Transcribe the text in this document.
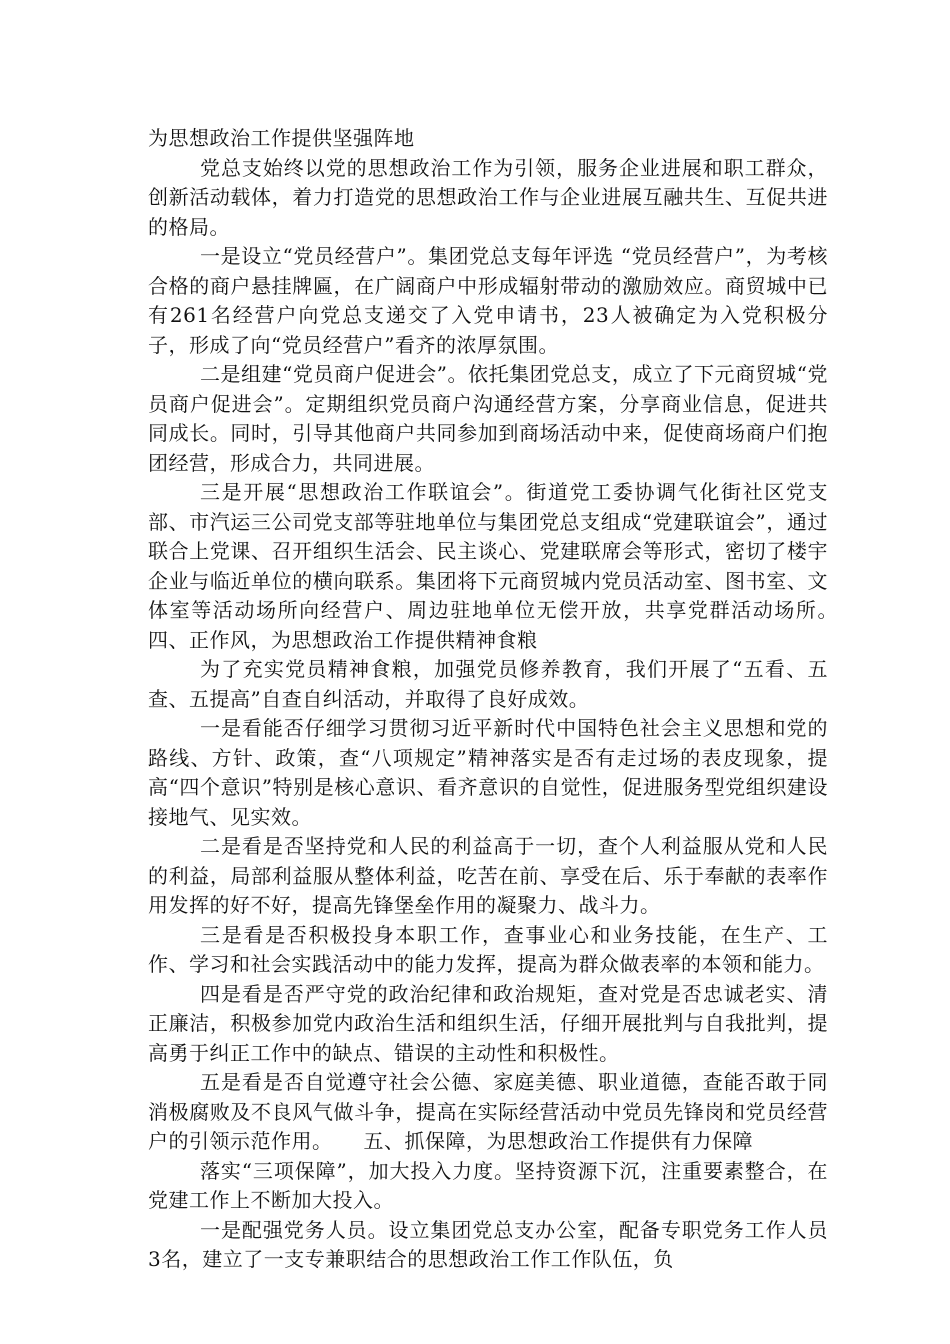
为思想政治工作提供坚强阵地

党总支始终以党的思想政治工作为引领，服务企业进展和职工群众，创新活动载体，着力打造党的思想政治工作与企业进展互融共生、互促共进的格局。

一是设立“党员经营户”。集团党总支每年评选 “党员经营户”，为考核合格的商户悬挂牌匾，在广阔商户中形成辐射带动的激励效应。商贸城中已有261名经营户向党总支递交了入党申请书，23人被确定为入党积极分子，形成了向“党员经营户”看齐的浓厚氛围。

二是组建“党员商户促进会”。依托集团党总支，成立了下元商贸城“党员商户促进会”。定期组织党员商户沟通经营方案，分享商业信息，促进共同成长。同时，引导其他商户共同参加到商场活动中来，促使商场商户们抱团经营，形成合力，共同进展。

三是开展“思想政治工作联谊会”。街道党工委协调气化街社区党支部、市汽运三公司党支部等驻地单位与集团党总支组成“党建联谊会”，通过联合上党课、召开组织生活会、民主谈心、党建联席会等形式，密切了楼宇企业与临近单位的横向联系。集团将下元商贸城内党员活动室、图书室、文体室等活动场所向经营户、周边驻地单位无偿开放，共享党群活动场所。　　四、正作风，为思想政治工作提供精神食粮

为了充实党员精神食粮，加强党员修养教育，我们开展了“五看、五查、五提高”自查自纠活动，并取得了良好成效。

一是看能否仔细学习贯彻习近平新时代中国特色社会主义思想和党的路线、方针、政策，查“八项规定”精神落实是否有走过场的表皮现象，提高“四个意识”特别是核心意识、看齐意识的自觉性，促进服务型党组织建设接地气、见实效。

二是看是否坚持党和人民的利益高于一切，查个人利益服从党和人民的利益，局部利益服从整体利益，吃苦在前、享受在后、乐于奉献的表率作用发挥的好不好，提高先锋堡垒作用的凝聚力、战斗力。

三是看是否积极投身本职工作，查事业心和业务技能，在生产、工作、学习和社会实践活动中的能力发挥，提高为群众做表率的本领和能力。

四是看是否严守党的政治纪律和政治规矩，查对党是否忠诚老实、清正廉洁，积极参加党内政治生活和组织生活，仔细开展批判与自我批判，提高勇于纠正工作中的缺点、错误的主动性和积极性。

五是看是否自觉遵守社会公德、家庭美德、职业道德，查能否敢于同消极腐败及不良风气做斗争，提高在实际经营活动中党员先锋岗和党员经营户的引领示范作用。　　五、抓保障，为思想政治工作提供有力保障

落实“三项保障”，加大投入力度。坚持资源下沉，注重要素整合，在党建工作上不断加大投入。

一是配强党务人员。设立集团党总支办公室，配备专职党务工作人员3名，建立了一支专兼职结合的思想政治工作工作队伍，负
